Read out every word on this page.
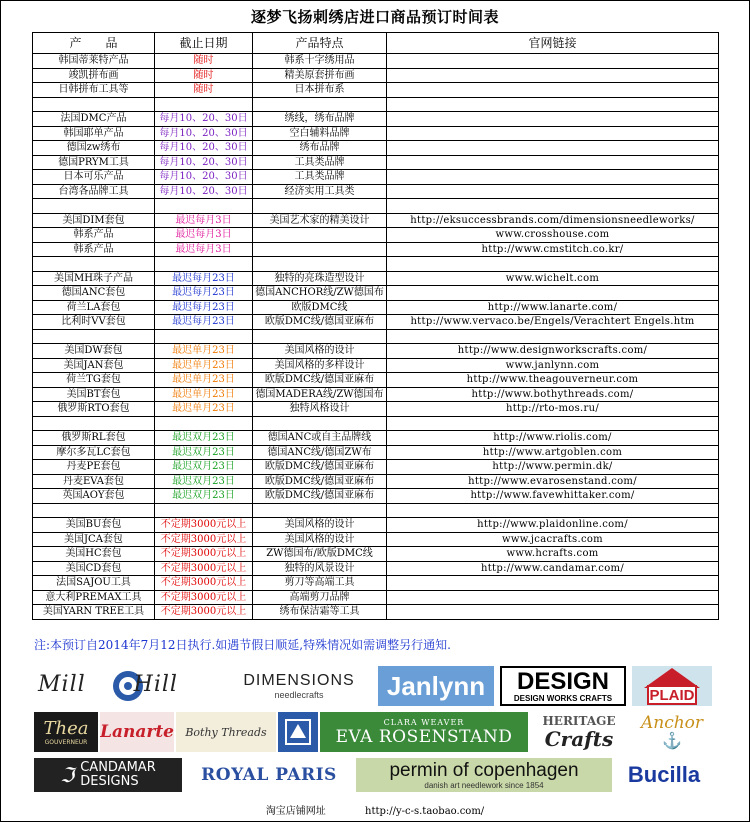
逐梦飞扬刺绣店进口商品预订时间表
产　　品	截止日期	产品特点	官网链接
韩国蒂莱特产品	随时	韩系十字绣用品	
竣凯拼布画	随时	精美原套拼布画	
日韩拼布工具等	随时	日本拼布系	

法国DMC产品	每月10、20、30日	绣线，绣布品牌	
韩国耶单产品	每月10、20、30日	空白辅料品牌	
德国zw绣布	每月10、20、30日	绣布品牌	
德国PRYM工具	每月10、20、30日	工具类品牌	
日本可乐产品	每月10、20、30日	工具类品牌	
台湾各品牌工具	每月10、20、30日	经济实用工具类	

美国DIM套包	最迟每月3日	美国艺术家的精美设计	http://eksuccessbrands.com/dimensionsneedleworks/
韩系产品	最迟每月3日		www.crosshouse.com
韩系产品	最迟每月3日		http://www.cmstitch.co.kr/

美国MH珠子产品	最迟每月23日	独特的亮珠造型设计	www.wichelt.com
德国ANC套包	最迟每月23日	德国ANCHOR线/ZW德国布	
荷兰LA套包	最迟每月23日	欧版DMC线	http://www.lanarte.com/
比利时VV套包	最迟每月23日	欧版DMC线/德国亚麻布	http://www.vervaco.be/Engels/Verachtert Engels.htm

美国DW套包	最迟单月23日	美国风格的设计	http://www.designworkscrafts.com/
美国JAN套包	最迟单月23日	美国风格的多样设计	www.janlynn.com
荷兰TG套包	最迟单月23日	欧版DMC线/德国亚麻布	http://www.theagouverneur.com
美国BT套包	最迟单月23日	德国MADERA线/ZW德国布	http://www.bothythreads.com/
俄罗斯RTO套包	最迟单月23日	独特风格设计	http://rto-mos.ru/

俄罗斯RL套包	最迟双月23日	德国ANC或自主品牌线	http://www.riolis.com/
摩尔多瓦LC套包	最迟双月23日	德国ANC线/德国ZW布	http://www.artgoblen.com
丹麦PE套包	最迟双月23日	欧版DMC线/德国亚麻布	http://www.permin.dk/
丹麦EVA套包	最迟双月23日	欧版DMC线/德国亚麻布	http://www.evarosenstand.com/
英国AOY套包	最迟双月23日	欧版DMC线/德国亚麻布	http://www.favewhittaker.com/

美国BU套包	不定期3000元以上	美国风格的设计	http://www.plaidonline.com/
美国JCA套包	不定期3000元以上	美国风格的设计	www.jcacrafts.com
美国HC套包	不定期3000元以上	ZW德国布/欧版DMC线	www.hcrafts.com
美国CD套包	不定期3000元以上	独特的风景设计	http://www.candamar.com/
法国SAJOU工具	不定期3000元以上	剪刀等高端工具	
意大利PREMAX工具	不定期3000元以上	高端剪刀品牌	
美国YARN TREE工具	不定期3000元以上	绣布保洁霜等工具	
注:本预订自2014年7月12日执行.如遇节假日顺延,特殊情况如需调整另行通知.
Mill Hill	DIMENSIONS
needlecrafts Janlynn DESIGN
DESIGN WORKS CRAFTS PLAID
Thea
GOUVERNEUR Lanarte Bothy Threads
CLARA WEAVER
EVA ROSENSTAND
HERITAGE
Crafts
Anchor
⚓
ℑ CANDAMAR
DESIGNS	ROYAL PARIS	permin of copenhagen
danish art needlework since 1854	Bucilla
淘宝店铺网址	http://y-c-s.taobao.com/
